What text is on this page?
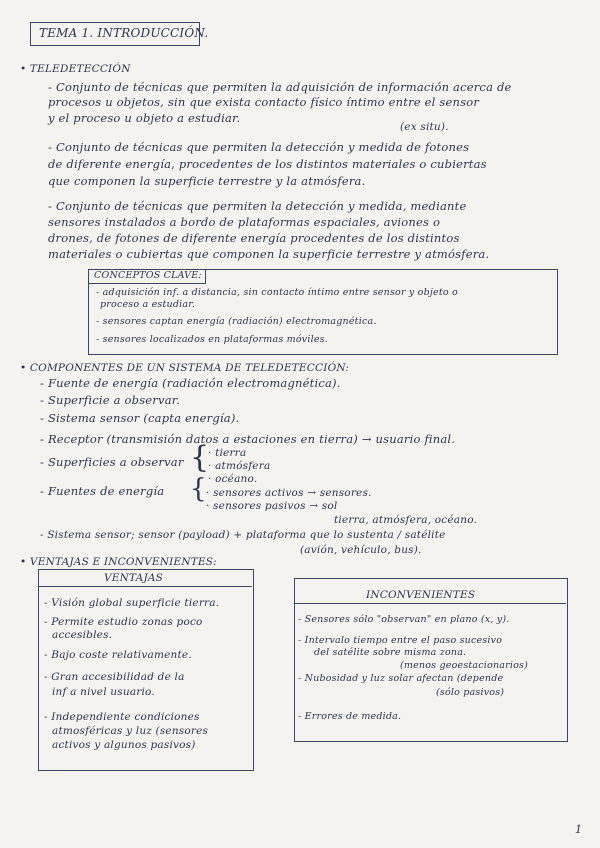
TEMA 1. INTRODUCCIÓN.
• TELEDETECCIÓN
- Conjunto de técnicas que permiten la adquisición de información acerca de
procesos u objetos, sin que exista contacto físico íntimo entre el sensor
y el proceso u objeto a estudiar.
(ex situ).
- Conjunto de técnicas que permiten la detección y medida de fotones
de diferente energía, procedentes de los distintos materiales o cubiertas
que componen la superficie terrestre y la atmósfera.
- Conjunto de técnicas que permiten la detección y medida, mediante
sensores instalados a bordo de plataformas espaciales, aviones o
drones, de fotones de diferente energía procedentes de los distintos
materiales o cubiertas que componen la superficie terrestre y atmósfera.
CONCEPTOS CLAVE:
- adquisición inf. a distancia, sin contacto íntimo entre sensor y objeto o
proceso a estudiar.
- sensores captan energía (radiación) electromagnética.
- sensores localizados en plataformas móviles.
• COMPONENTES DE UN SISTEMA DE TELEDETECCIÓN:
- Fuente de energía (radiación electromagnética).
- Superficie a observar.
- Sistema sensor (capta energía).
- Receptor (transmisión datos a estaciones en tierra) → usuario final.
- Superficies a observar {
· tierra
· atmósfera
· océano.
- Fuentes de energía { · sensores activos → sensores.
· sensores pasivos → sol
tierra, atmósfera, océano.
- Sistema sensor; sensor (payload) + plataforma que lo sustenta / satélite
(avión, vehículo, bus).
• VENTAJAS E INCONVENIENTES:
VENTAJAS
- Visión global superficie tierra.
- Permite estudio zonas poco
accesibles.
- Bajo coste relativamente.
- Gran accesibilidad de la
inf a nivel usuario.
- Independiente condiciones
atmosféricas y luz (sensores
activos y algunos pasivos)
INCONVENIENTES
- Sensores sólo "observan" en plano (x, y).
- Intervalo tiempo entre el paso sucesivo
del satélite sobre misma zona.
(menos geoestacionarios)
- Nubosidad y luz solar afectan (depende
(sólo pasivos)
- Errores de medida.
1
